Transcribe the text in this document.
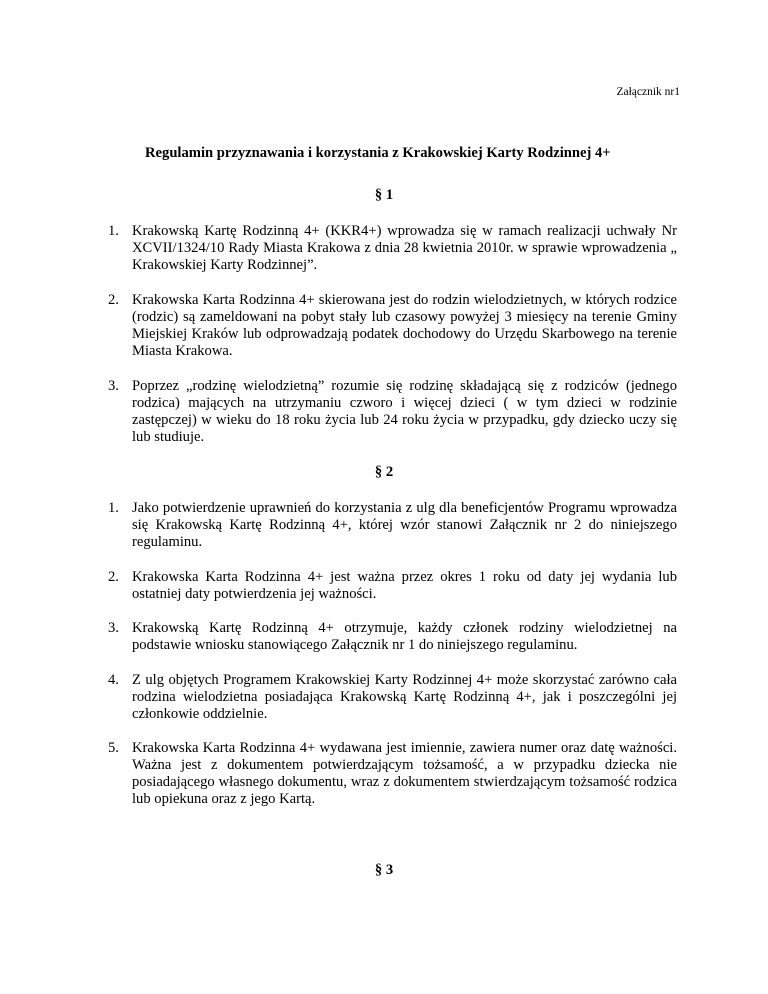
Załącznik nr1
Regulamin przyznawania i korzystania z Krakowskiej Karty Rodzinnej 4+
§ 1
1. Krakowską Kartę Rodzinną 4+ (KKR4+) wprowadza się w ramach realizacji uchwały Nr XCVII/1324/10 Rady Miasta Krakowa z dnia 28 kwietnia 2010r. w sprawie wprowadzenia „ Krakowskiej Karty Rodzinnej”.
2. Krakowska Karta Rodzinna 4+ skierowana jest do rodzin wielodzietnych, w których rodzice (rodzic) są zameldowani na pobyt stały lub czasowy powyżej 3 miesięcy na terenie Gminy Miejskiej Kraków lub odprowadzają podatek dochodowy do Urzędu Skarbowego na terenie Miasta Krakowa.
3. Poprzez „rodzinę wielodzietną” rozumie się rodzinę składającą się z rodziców (jednego rodzica) mających na utrzymaniu czworo i więcej dzieci ( w tym dzieci w rodzinie zastępczej) w wieku do 18 roku życia lub 24 roku życia w przypadku, gdy dziecko uczy się lub studiuje.
§ 2
1. Jako potwierdzenie uprawnień do korzystania z ulg dla beneficjentów Programu wprowadza się Krakowską Kartę Rodzinną 4+, której wzór stanowi Załącznik nr 2 do niniejszego regulaminu.
2. Krakowska Karta Rodzinna 4+ jest ważna przez okres 1 roku od daty jej wydania lub ostatniej daty potwierdzenia jej ważności.
3. Krakowską Kartę Rodzinną 4+ otrzymuje, każdy członek rodziny wielodzietnej na podstawie wniosku stanowiącego Załącznik nr 1 do niniejszego regulaminu.
4. Z ulg objętych Programem Krakowskiej Karty Rodzinnej 4+ może skorzystać zarówno cała rodzina wielodzietna posiadająca Krakowską Kartę Rodzinną 4+, jak i poszczególni jej członkowie oddzielnie.
5. Krakowska Karta Rodzinna 4+ wydawana jest imiennie, zawiera numer oraz datę ważności. Ważna jest z dokumentem potwierdzającym tożsamość, a w przypadku dziecka nie posiadającego własnego dokumentu, wraz z dokumentem stwierdzającym tożsamość rodzica lub opiekuna oraz z jego Kartą.
§ 3
